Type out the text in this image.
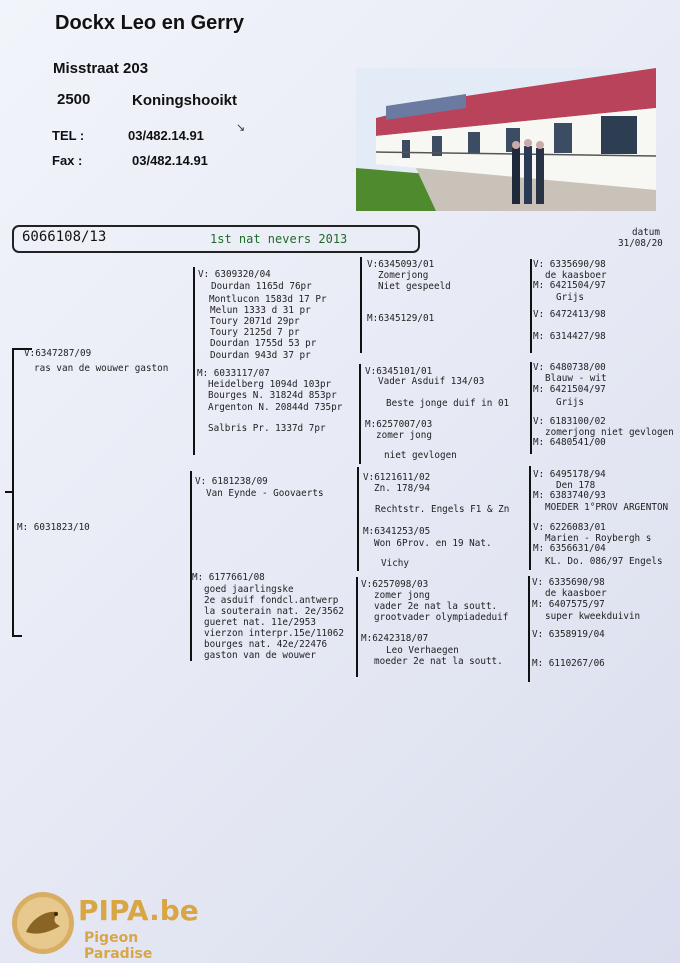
Dockx Leo en Gerry
Misstraat 203
2500	Koningshooikt
TEL :	03/482.14.91
Fax :	03/482.14.91
↘
6066108/13	1st nat nevers 2013	datum
31/08/20
V:6347287/09
ras van de wouwer gaston
M: 6031823/10
V: 6309320/04
Dourdan 1165d 76pr
Montlucon 1583d 17 Pr
Melun 1333 d 31 pr
Toury 2071d 29pr
Toury 2125d 7 pr
Dourdan 1755d 53 pr
Dourdan 943d 37 pr
M: 6033117/07
Heidelberg 1094d 103pr
Bourges N. 31824d 853pr
Argenton N. 20844d 735pr
Salbris Pr. 1337d 7pr
V: 6181238/09
Van Eynde - Goovaerts
M: 6177661/08
goed jaarlingske
2e asduif fondcl.antwerp
la souterain nat. 2e/3562
gueret nat. 11e/2953
vierzon interpr.15e/11062
bourges nat. 42e/22476
gaston van de wouwer
V:6345093/01
Zomerjong
Niet gespeeld
M:6345129/01
V:6345101/01
Vader Asduif 134/03
Beste jonge duif in 01
M:6257007/03
zomer jong
niet gevlogen
V:6121611/02
Zn. 178/94
Rechtstr. Engels F1 & Zn
M:6341253/05
Won 6Prov. en 19 Nat.
Vichy
V:6257098/03
zomer jong
vader 2e nat la soutt.
grootvader olympiadeduif
M:6242318/07
Leo Verhaegen
moeder 2e nat la soutt.
V: 6335690/98
de kaasboer
M: 6421504/97
Grijs
V: 6472413/98
M: 6314427/98
V: 6480738/00
Blauw - wit
M: 6421504/97
Grijs
V: 6183100/02
zomerjong niet gevlogen
M: 6480541/00
V: 6495178/94
Den 178
M: 6383740/93
MOEDER 1°PROV ARGENTON
V: 6226083/01
Marien - Roybergh s
M: 6356631/04
KL. Do. 086/97 Engels
V: 6335690/98
de kaasboer
M: 6407575/97
super kweekduivin
V: 6358919/04
M: 6110267/06
PIPA.be
Pigeon Paradise
